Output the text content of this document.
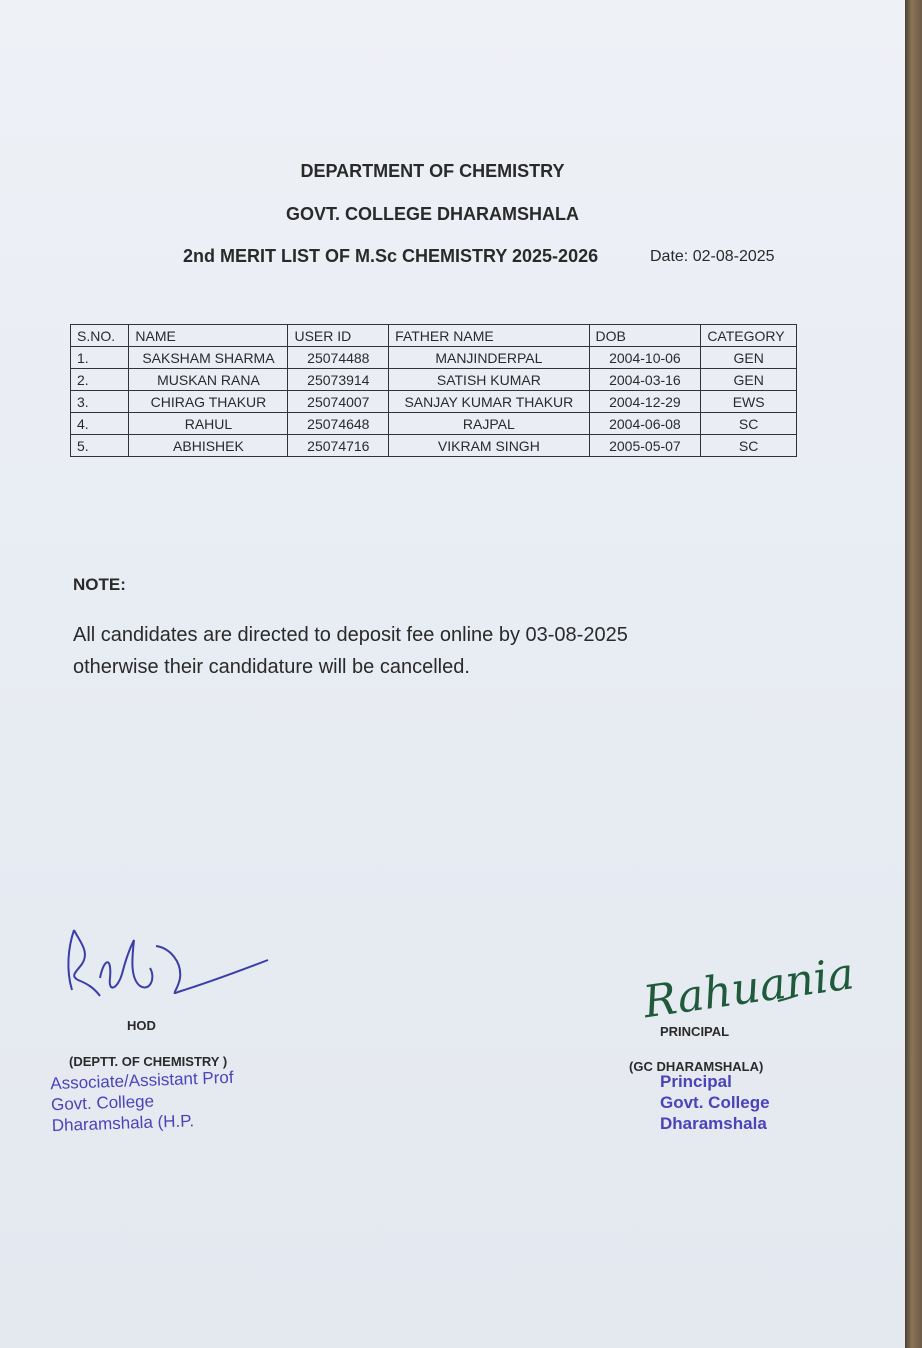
DEPARTMENT OF CHEMISTRY
GOVT. COLLEGE DHARAMSHALA
2nd MERIT LIST OF M.Sc CHEMISTRY 2025-2026	Date: 02-08-2025
S.NO.	NAME	USER ID	FATHER NAME	DOB	CATEGORY
1.	SAKSHAM SHARMA	25074488	MANJINDERPAL	2004-10-06	GEN
2.	MUSKAN RANA	25073914	SATISH KUMAR	2004-03-16	GEN
3.	CHIRAG THAKUR	25074007	SANJAY KUMAR THAKUR	2004-12-29	EWS
4.	RAHUL	25074648	RAJPAL	2004-06-08	SC
5.	ABHISHEK	25074716	VIKRAM SINGH	2005-05-07	SC
NOTE:
All candidates are directed to deposit fee online by 03-08-2025
otherwise their candidature will be cancelled.
HOD
(DEPTT. OF CHEMISTRY )
Associate/Assistant Prof
Govt. College
Dharamshala (H.P.
Rahuania
PRINCIPAL
(GC DHARAMSHALA)
Principal
Govt. College
Dharamshala
